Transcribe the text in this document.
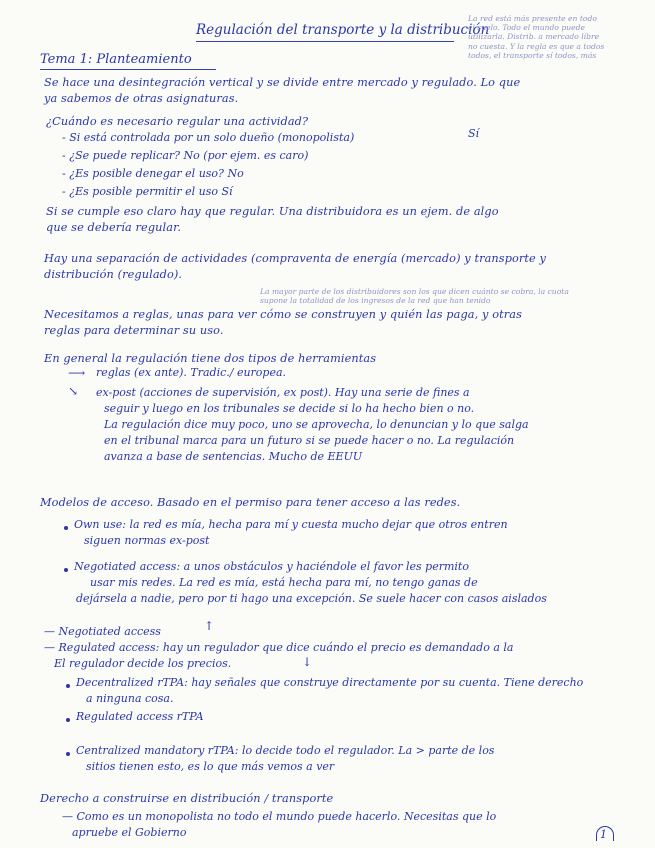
Regulación del transporte y la distribución
La red está más presente en todo
el suelo. Todo el mundo puede
utilizarla. Distrib. a mercado libre
no cuesta. Y la regla es que a todos
todos, el transporte sí todos, más
Tema 1: Planteamiento
Se hace una desintegración vertical y se divide entre mercado y regulado. Lo que
ya sabemos de otras asignaturas.
¿Cuándo es necesario regular una actividad?
- Si está controlada por un solo dueño (monopolista)	Sí
- ¿Se puede replicar? No (por ejem. es caro)
- ¿Es posible denegar el uso? No
- ¿Es posible permitir el uso Sí
Si se cumple eso claro hay que regular. Una distribuidora es un ejem. de algo
que se debería regular.
Hay una separación de actividades (compraventa de energía (mercado) y transporte y
distribución (regulado).
La mayor parte de los distribuidores son los que dicen cuánto se cobra, la cuota
supone la totalidad de los ingresos de la red que han tenido
Necesitamos a reglas, unas para ver cómo se construyen y quién las paga, y otras
reglas para determinar su uso.
En general la regulación tiene dos tipos de herramientas
⟶ reglas (ex ante). Tradic./ europea.
↘ ex-post (acciones de supervisión, ex post). Hay una serie de fines a
seguir y luego en los tribunales se decide si lo ha hecho bien o no.
La regulación dice muy poco, uno se aprovecha, lo denuncian y lo que salga
en el tribunal marca para un futuro si se puede hacer o no. La regulación
avanza a base de sentencias. Mucho de EEUU
Modelos de acceso. Basado en el permiso para tener acceso a las redes.
Own use: la red es mía, hecha para mí y cuesta mucho dejar que otros entren
siguen normas ex-post
Negotiated access: a unos obstáculos y haciéndole el favor les permito
usar mis redes. La red es mía, está hecha para mí, no tengo ganas de
dejársela a nadie, pero por ti hago una excepción. Se suele hacer con casos aislados
— Negotiated access	↑
— Regulated access: hay un regulador que dice cuándo el precio es demandado a la
El regulador decide los precios.	↓
Decentralized rTPA: hay señales que construye directamente por su cuenta. Tiene derecho
a ninguna cosa.
Regulated access rTPA
Centralized mandatory rTPA: lo decide todo el regulador. La > parte de los
sitios tienen esto, es lo que más vemos a ver
Derecho a construirse en distribución / transporte
— Como es un monopolista no todo el mundo puede hacerlo. Necesitas que lo
apruebe el Gobierno	1
